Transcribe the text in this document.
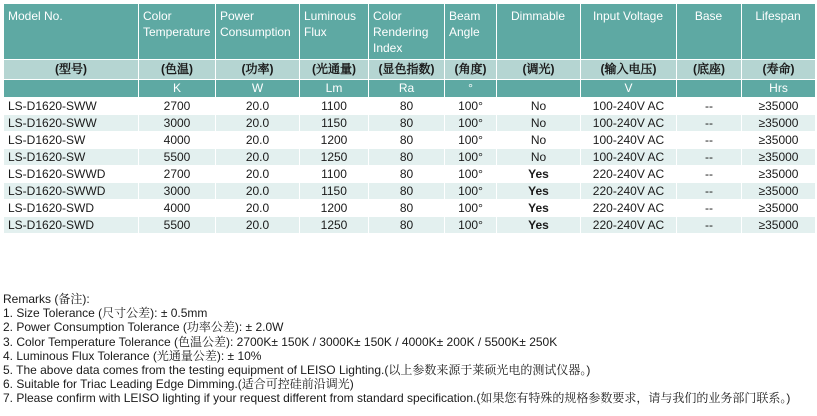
Model No.	Color Temperature	Power Consumption	Luminous Flux	Color Rendering Index	Beam Angle	Dimmable	Input Voltage	Base	Lifespan
(型号)	(色温)	(功率)	(光通量)	(显色指数)	(角度)	(调光)	(输入电压)	(底座)	(寿命)
	K	W	Lm	Ra	°		V		Hrs
LS-D1620-SWW	2700	20.0	1100	80	100°	No	100-240V AC	--	≥35000
LS-D1620-SWW	3000	20.0	1150	80	100°	No	100-240V AC	--	≥35000
LS-D1620-SW	4000	20.0	1200	80	100°	No	100-240V AC	--	≥35000
LS-D1620-SW	5500	20.0	1250	80	100°	No	100-240V AC	--	≥35000
LS-D1620-SWWD	2700	20.0	1100	80	100°	Yes	220-240V AC	--	≥35000
LS-D1620-SWWD	3000	20.0	1150	80	100°	Yes	220-240V AC	--	≥35000
LS-D1620-SWD	4000	20.0	1200	80	100°	Yes	220-240V AC	--	≥35000
LS-D1620-SWD	5500	20.0	1250	80	100°	Yes	220-240V AC	--	≥35000
Remarks (备注):
1. Size Tolerance (尺寸公差): ± 0.5mm
2. Power Consumption Tolerance (功率公差): ± 2.0W
3. Color Temperature Tolerance (色温公差): 2700K± 150K / 3000K± 150K / 4000K± 200K / 5500K± 250K
4. Luminous Flux Tolerance (光通量公差): ± 10%
5. The above data comes from the testing equipment of LEISO Lighting.(以上参数来源于莱硕光电的测试仪器。)
6. Suitable for Triac Leading Edge Dimming.(适合可控硅前沿调光)
7. Please confirm with LEISO lighting if your request different from standard specification.(如果您有特殊的规格参数要求，请与我们的业务部门联系。)
